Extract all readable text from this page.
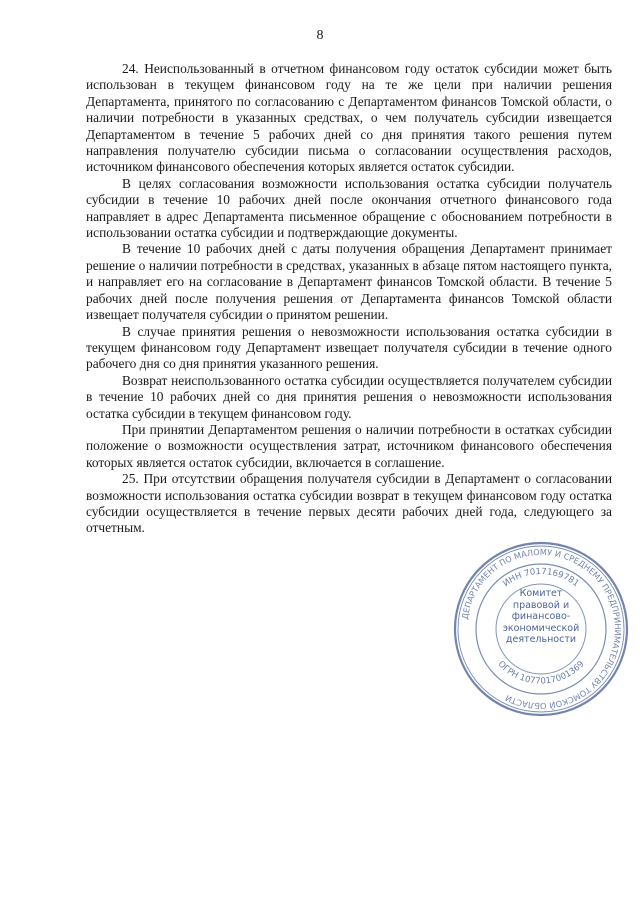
8

24. Неиспользованный в отчетном финансовом году остаток субсидии может быть использован в текущем финансовом году на те же цели при наличии решения Департамента, принятого по согласованию с Департаментом финансов Томской области, о наличии потребности в указанных средствах, о чем получатель субсидии извещается Департаментом в течение 5 рабочих дней со дня принятия такого решения путем направления получателю субсидии письма о согласовании осуществления расходов, источником финансового обеспечения которых является остаток субсидии.

В целях согласования возможности использования остатка субсидии получатель субсидии в течение 10 рабочих дней после окончания отчетного финансового года направляет в адрес Департамента письменное обращение с обоснованием потребности в использовании остатка субсидии и подтверждающие документы.

В течение 10 рабочих дней с даты получения обращения Департамент принимает решение о наличии потребности в средствах, указанных в абзаце пятом настоящего пункта, и направляет его на согласование в Департамент финансов Томской области. В течение 5 рабочих дней после получения решения от Департамента финансов Томской области извещает получателя субсидии о принятом решении.

В случае принятия решения о невозможности использования остатка субсидии в текущем финансовом году Департамент извещает получателя субсидии в течение одного рабочего дня со дня принятия указанного решения.

Возврат неиспользованного остатка субсидии осуществляется получателем субсидии в течение 10 рабочих дней со дня принятия решения о невозможности использования остатка субсидии в текущем финансовом году.

При принятии Департаментом решения о наличии потребности в остатках субсидии положение о возможности осуществления затрат, источником финансового обеспечения которых является остаток субсидии, включается в соглашение.

25. При отсутствии обращения получателя субсидии в Департамент о согласовании возможности использования остатка субсидии возврат в текущем финансовом году остатка субсидии осуществляется в течение первых десяти рабочих дней года, следующего за отчетным.

ДЕПАРТАМЕНТ ПО МАЛОМУ И СРЕДНЕМУ ПРЕДПРИНИМАТЕЛЬСТВУ ТОМСКОЙ ОБЛАСТИ
ИНН 7017169781
ОГРН 1077017001369
Комитет
правовой и
финансово-
экономической
деятельности
